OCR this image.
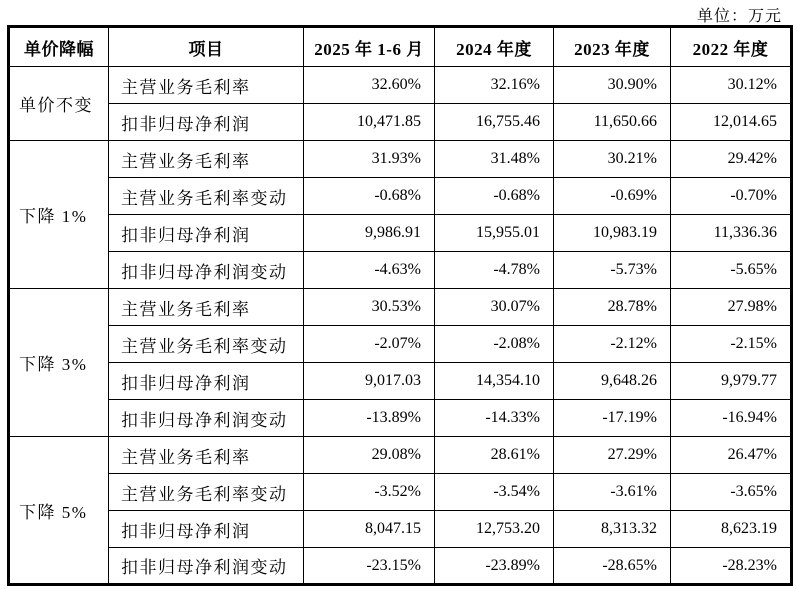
单位：万元
单价降幅	项目	2025 年 1-6 月	2024 年度	2023 年度	2022 年度
单价不变	主营业务毛利率	32.60%	32.16%	30.90%	30.12%
	扣非归母净利润	10,471.85	16,755.46	11,650.66	12,014.65
下降 1%	主营业务毛利率	31.93%	31.48%	30.21%	29.42%
	主营业务毛利率变动	-0.68%	-0.68%	-0.69%	-0.70%
	扣非归母净利润	9,986.91	15,955.01	10,983.19	11,336.36
	扣非归母净利润变动	-4.63%	-4.78%	-5.73%	-5.65%
下降 3%	主营业务毛利率	30.53%	30.07%	28.78%	27.98%
	主营业务毛利率变动	-2.07%	-2.08%	-2.12%	-2.15%
	扣非归母净利润	9,017.03	14,354.10	9,648.26	9,979.77
	扣非归母净利润变动	-13.89%	-14.33%	-17.19%	-16.94%
下降 5%	主营业务毛利率	29.08%	28.61%	27.29%	26.47%
	主营业务毛利率变动	-3.52%	-3.54%	-3.61%	-3.65%
	扣非归母净利润	8,047.15	12,753.20	8,313.32	8,623.19
	扣非归母净利润变动	-23.15%	-23.89%	-28.65%	-28.23%
